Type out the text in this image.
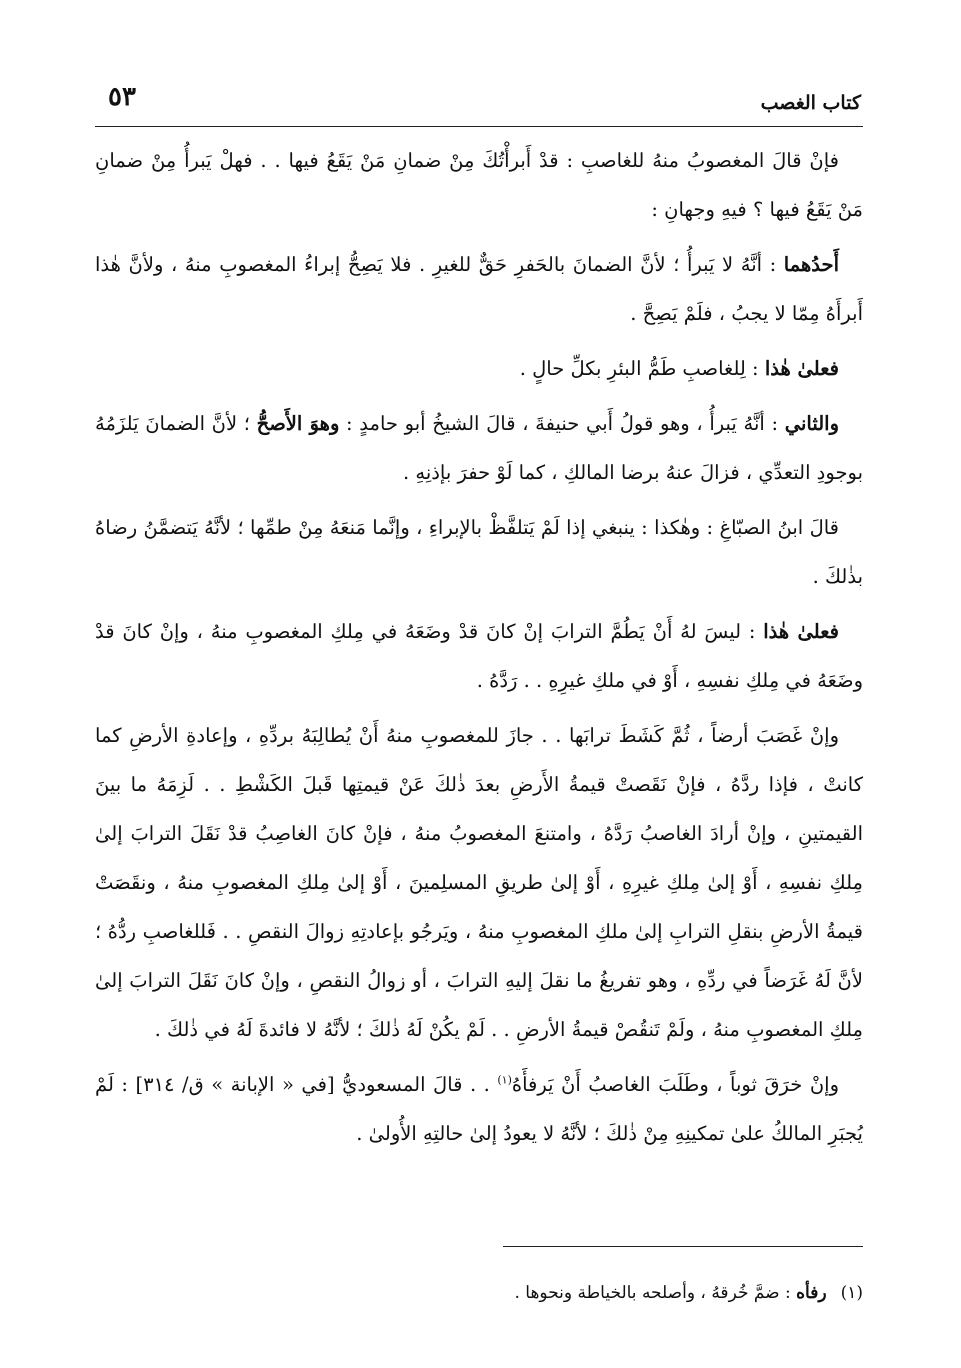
كتاب الغصب
٥٣

فإنْ قالَ المغصوبُ منهُ للغاصبِ : قدْ أَبرأْتُكَ مِنْ ضمانِ مَنْ يَقَعُ فيها . . فهلْ يَبرأُ مِنْ ضمانِ مَنْ يَقَعُ فيها ؟ فيهِ وجهانِ :

أَحدُهما : أنَّهُ لا يَبرأُ ؛ لأنَّ الضمانَ بالحَفرِ حَقٌّ للغيرِ . فلا يَصِحُّ إبراءُ المغصوبِ منهُ ، ولأنَّ هٰذا أَبرأَهُ مِمّا لا يجبُ ، فلَمْ يَصِحَّ .

فعلىٰ هٰذا : لِلغاصبِ طَمُّ البئرِ بكلِّ حالٍ .

والثاني : أنَّهُ يَبرأُ ، وهو قولُ أَبي حنيفةَ ، قالَ الشيخُ أبو حامدٍ : وهوَ الأَصحُّ ؛ لأنَّ الضمانَ يَلزَمُهُ بوجودِ التعدِّي ، فزالَ عنهُ برضا المالكِ ، كما لَوْ حفرَ بإذنِهِ .

قالَ ابنُ الصبّاغِ : وهٰكذا : ينبغي إذا لَمْ يَتلفَّظْ بالإبراءِ ، وإنَّما مَنعَهُ مِنْ طمِّها ؛ لأنَّهُ يَتضمَّنُ رضاهُ بذٰلكَ .

فعلىٰ هٰذا : ليسَ لهُ أَنْ يَطُمَّ الترابَ إنْ كانَ قدْ وضَعَهُ في مِلكِ المغصوبِ منهُ ، وإنْ كانَ قدْ وضَعَهُ في مِلكِ نفسِهِ ، أَوْ في ملكِ غيرِهِ . . رَدَّهُ .

وإنْ غَصَبَ أرضاً ، ثُمَّ كَشَطَ ترابَها . . جازَ للمغصوبِ منهُ أَنْ يُطالِبَهُ بردِّهِ ، وإعادةِ الأرضِ كما كانتْ ، فإذا ردَّهُ ، فإنْ نَقَصتْ قيمةُ الأَرضِ بعدَ ذٰلكَ عَنْ قيمتِها قَبلَ الكَشْطِ . . لَزِمَهُ ما بينَ القيمتينِ ، وإنْ أرادَ الغاصبُ رَدَّهُ ، وامتنعَ المغصوبُ منهُ ، فإنْ كانَ الغاصِبُ قدْ نَقَلَ الترابَ إلىٰ مِلكِ نفسِهِ ، أَوْ إلىٰ مِلكِ غيرِهِ ، أَوْ إلىٰ طريقِ المسلِمينَ ، أَوْ إلىٰ مِلكِ المغصوبِ منهُ ، ونقَصَتْ قيمةُ الأرضِ بنقلِ الترابِ إلىٰ ملكِ المغصوبِ منهُ ، ويَرجُو بإعادتِهِ زوالَ النقصِ . . فَللغاصبِ ردُّهُ ؛ لأنَّ لَهُ غَرَضاً في ردِّهِ ، وهو تفريغُ ما نقلَ إليهِ الترابَ ، أو زوالُ النقصِ ، وإنْ كانَ نَقَلَ الترابَ إلىٰ مِلكِ المغصوبِ منهُ ، ولَمْ تَنقُصْ قيمةُ الأرضِ . . لَمْ يكُنْ لَهُ ذٰلكَ ؛ لأنَّهُ لا فائدةَ لَهُ في ذٰلكَ .

وإنْ خرَقَ ثوباً ، وطَلَبَ الغاصبُ أَنْ يَرفأَهُ$^{(١)}$ . . قالَ المسعوديُّ [في « الإبانة » ق/ ٣١٤] : لَمْ يُجبَرِ المالكُ علىٰ تمكينِهِ مِنْ ذٰلكَ ؛ لأنَّهُ لا يعودُ إلىٰ حالتِهِ الأُولىٰ .

(١)رفأه : ضمَّ خُرقهُ ، وأصلحه بالخياطة ونحوها .
